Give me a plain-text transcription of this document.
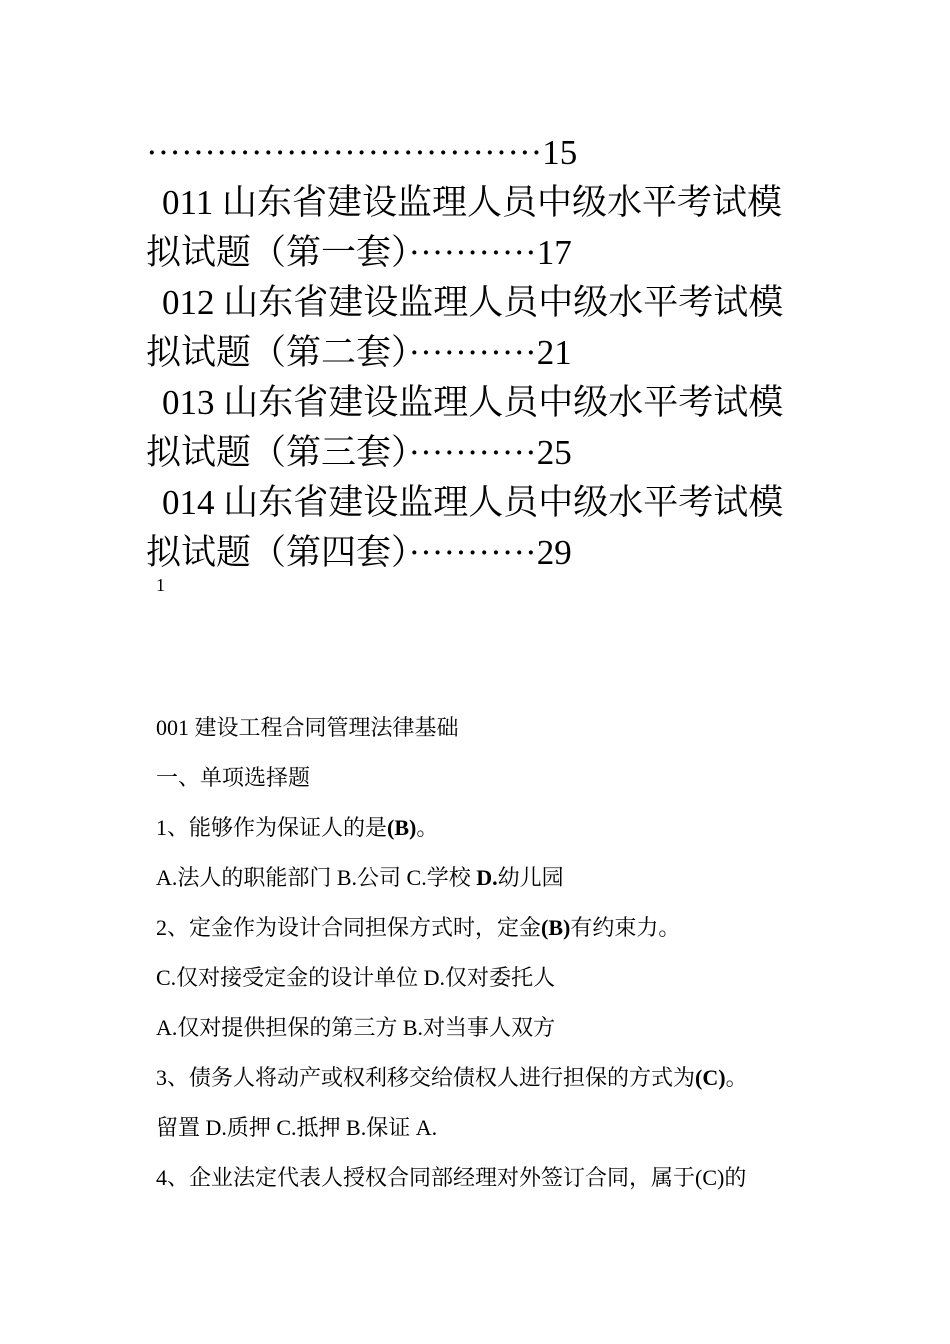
··································15
011 山东省建设监理人员中级水平考试模
拟试题（第一套）···········17
012 山东省建设监理人员中级水平考试模
拟试题（第二套）···········21
013 山东省建设监理人员中级水平考试模
拟试题（第三套）···········25
014 山东省建设监理人员中级水平考试模
拟试题（第四套）···········29
1
001 建设工程合同管理法律基础
一、单项选择题
1、能够作为保证人的是(B)。
A.法人的职能部门 B.公司 C.学校 D.幼儿园
2、定金作为设计合同担保方式时，定金(B)有约束力。
C.仅对接受定金的设计单位 D.仅对委托人
A.仅对提供担保的第三方 B.对当事人双方
3、债务人将动产或权利移交给债权人进行担保的方式为(C)。
留置 D.质押 C.抵押 B.保证 A.
4、企业法定代表人授权合同部经理对外签订合同，属于(C)的
